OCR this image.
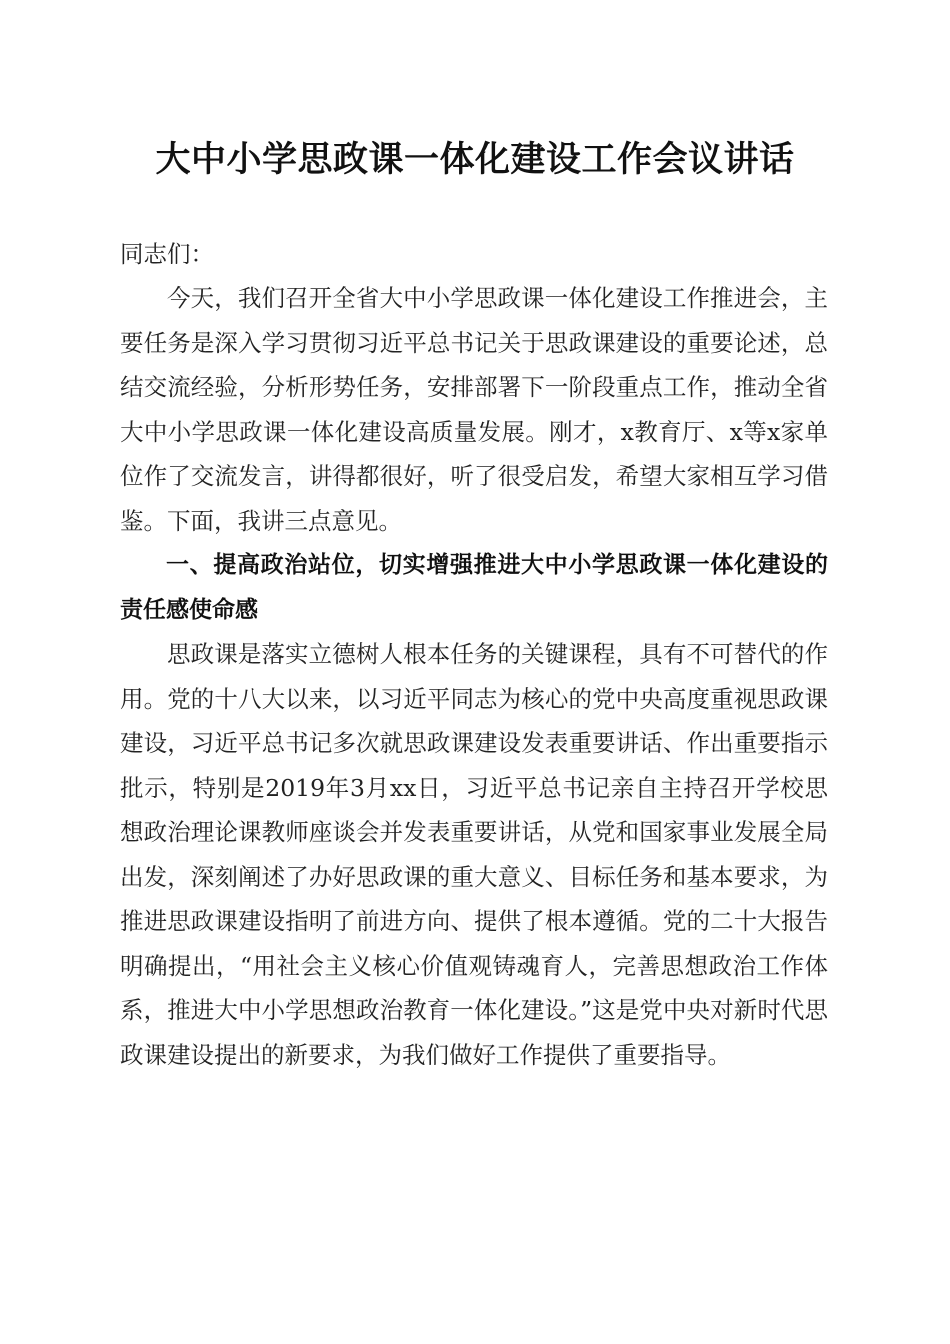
大中小学思政课一体化建设工作会议讲话
同志们：

今天，我们召开全省大中小学思政课一体化建设工作推进会，主要任务是深入学习贯彻习近平总书记关于思政课建设的重要论述，总结交流经验，分析形势任务，安排部署下一阶段重点工作，推动全省大中小学思政课一体化建设高质量发展。刚才，x教育厅、x等x家单位作了交流发言，讲得都很好，听了很受启发，希望大家相互学习借鉴。下面，我讲三点意见。

一、提高政治站位，切实增强推进大中小学思政课一体化建设的责任感使命感

思政课是落实立德树人根本任务的关键课程，具有不可替代的作用。党的十八大以来，以习近平同志为核心的党中央高度重视思政课建设，习近平总书记多次就思政课建设发表重要讲话、作出重要指示批示，特别是2019年3月xx日，习近平总书记亲自主持召开学校思想政治理论课教师座谈会并发表重要讲话，从党和国家事业发展全局出发，深刻阐述了办好思政课的重大意义、目标任务和基本要求，为推进思政课建设指明了前进方向、提供了根本遵循。党的二十大报告明确提出，“用社会主义核心价值观铸魂育人，完善思想政治工作体系，推进大中小学思想政治教育一体化建设。”这是党中央对新时代思政课建设提出的新要求，为我们做好工作提供了重要指导。
